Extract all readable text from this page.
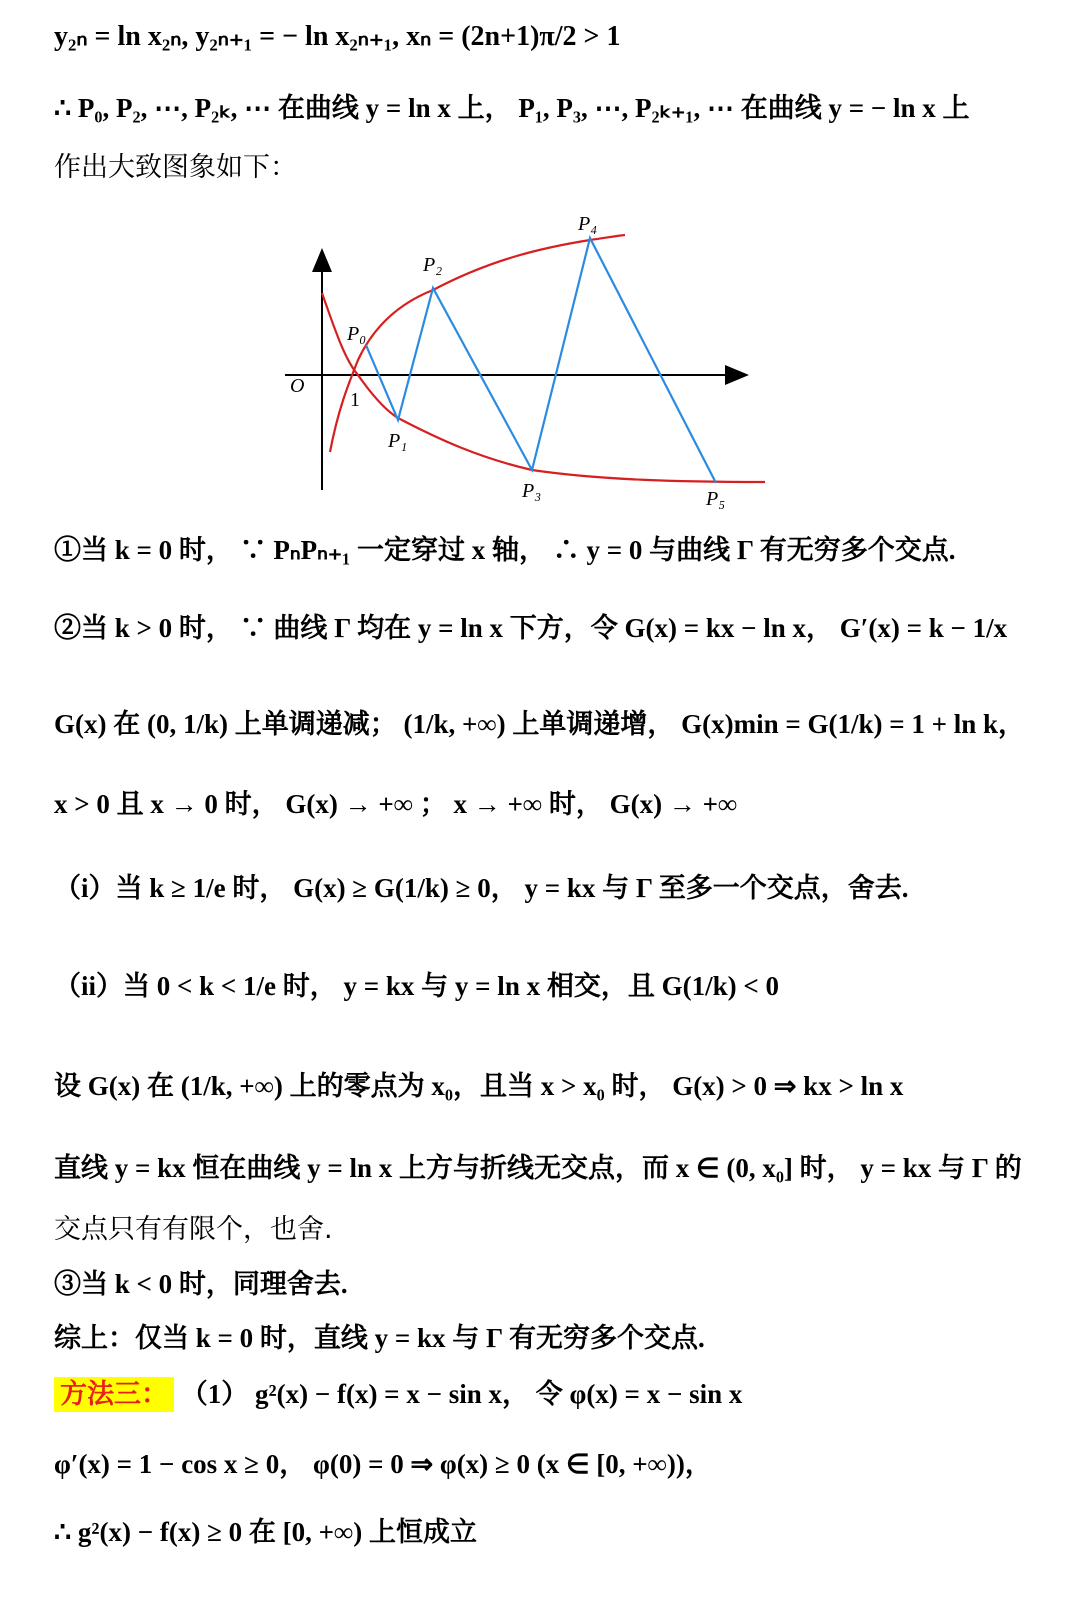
y₂ₙ = ln x₂ₙ, y₂ₙ₊₁ = − ln x₂ₙ₊₁, xₙ = (2n+1)π/2 > 1
∴ P₀, P₂, ⋯, P₂ₖ, ⋯ 在曲线 y = ln x 上， P₁, P₃, ⋯, P₂ₖ₊₁, ⋯ 在曲线 y = − ln x 上
作出大致图象如下：
O
1
P₀
P₁
P₂
P₃
P₄
P₅
①当 k = 0 时， ∵ PₙPₙ₊₁ 一定穿过 x 轴， ∴ y = 0 与曲线 Γ 有无穷多个交点.
②当 k > 0 时， ∵ 曲线 Γ 均在 y = ln x 下方，令 G(x) = kx − ln x， G′(x) = k − 1/x
G(x) 在 (0, 1/k) 上单调递减； (1/k, +∞) 上单调递增， G(x)min = G(1/k) = 1 + ln k，
x > 0 且 x → 0 时， G(x) → +∞ ； x → +∞ 时， G(x) → +∞
（i）当 k ≥ 1/e 时， G(x) ≥ G(1/k) ≥ 0， y = kx 与 Γ 至多一个交点，舍去.
（ii）当 0 < k < 1/e 时， y = kx 与 y = ln x 相交，且 G(1/k) < 0
设 G(x) 在 (1/k, +∞) 上的零点为 x₀，且当 x > x₀ 时， G(x) > 0 ⇒ kx > ln x
直线 y = kx 恒在曲线 y = ln x 上方与折线无交点，而 x ∈ (0, x₀] 时， y = kx 与 Γ 的
交点只有有限个，也舍.
③当 k < 0 时，同理舍去.
综上：仅当 k = 0 时，直线 y = kx 与 Γ 有无穷多个交点.
方法三： （1） g²(x) − f(x) = x − sin x， 令 φ(x) = x − sin x
φ′(x) = 1 − cos x ≥ 0， φ(0) = 0 ⇒ φ(x) ≥ 0 (x ∈ [0, +∞))，
∴ g²(x) − f(x) ≥ 0 在 [0, +∞) 上恒成立
